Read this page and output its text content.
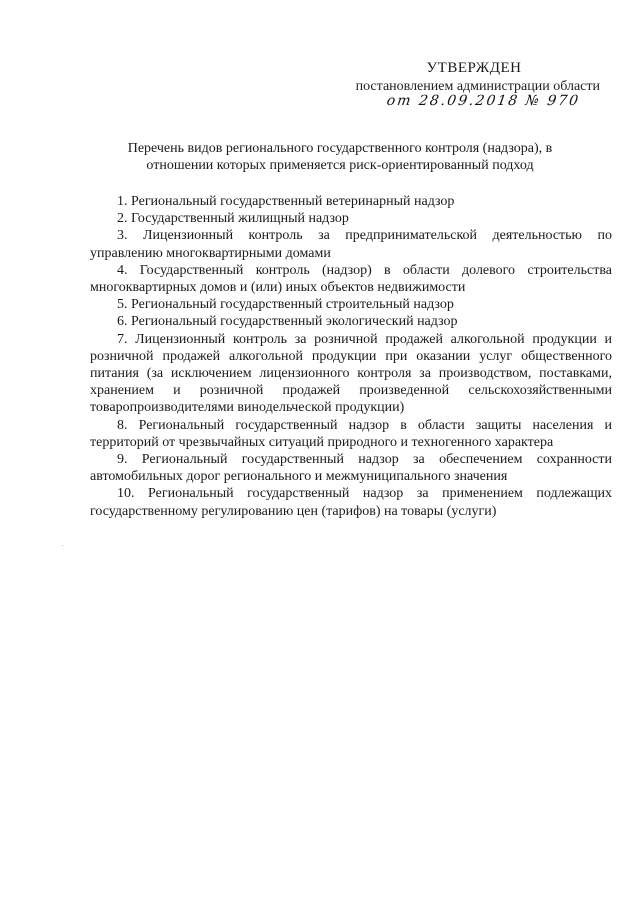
УТВЕРЖДЕН
постановлением администрации области
от 28.09.2018 № 970
Перечень видов регионального государственного контроля (надзора), в
отношении которых применяется риск-ориентированный подход

1. Региональный государственный ветеринарный надзор

2. Государственный жилищный надзор

3. Лицензионный контроль за предпринимательской деятельностью по управлению многоквартирными домами

4. Государственный контроль (надзор) в области долевого строительства многоквартирных домов и (или) иных объектов недвижимости

5. Региональный государственный строительный надзор

6. Региональный государственный экологический надзор

7. Лицензионный контроль за розничной продажей алкогольной продукции и розничной продажей алкогольной продукции при оказании услуг общественного питания (за исключением лицензионного контроля за производством, поставками, хранением и розничной продажей произведенной сельскохозяйственными товаропроизводителями винодельческой продукции)

8. Региональный государственный надзор в области защиты населения и территорий от чрезвычайных ситуаций природного и техногенного характера

9. Региональный государственный надзор за обеспечением сохранности автомобильных дорог регионального и межмуниципального значения

10. Региональный государственный надзор за применением подлежащих государственному регулированию цен (тарифов) на товары (услуги)
